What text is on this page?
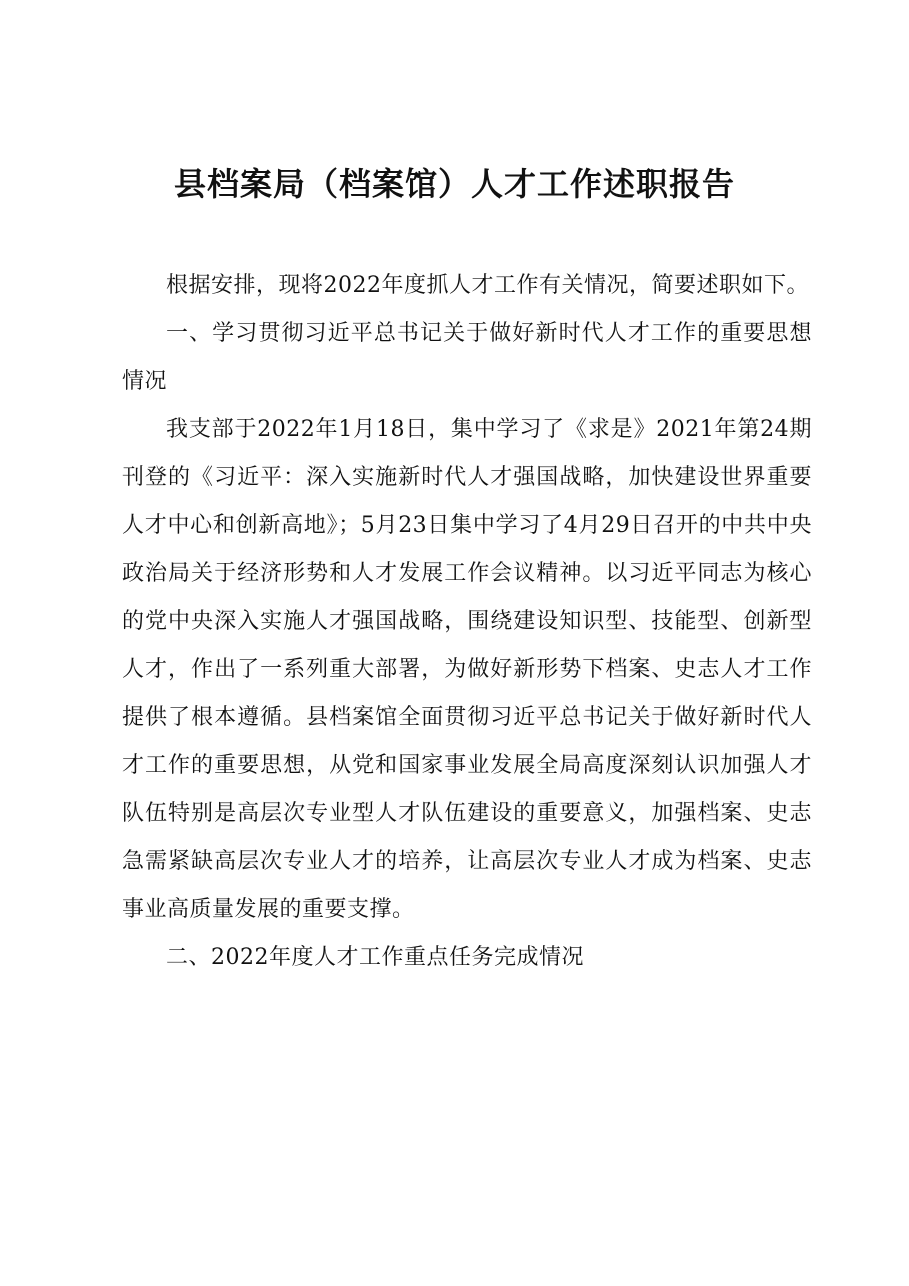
县档案局（档案馆）人才工作述职报告

根据安排，现将2022年度抓人才工作有关情况，简要述职如下。

一、学习贯彻习近平总书记关于做好新时代人才工作的重要思想情况

我支部于2022年1月18日，集中学习了《求是》2021年第24期刊登的《习近平：深入实施新时代人才强国战略，加快建设世界重要人才中心和创新高地》；5月23日集中学习了4月29日召开的中共中央政治局关于经济形势和人才发展工作会议精神。以习近平同志为核心的党中央深入实施人才强国战略，围绕建设知识型、技能型、创新型人才，作出了一系列重大部署，为做好新形势下档案、史志人才工作提供了根本遵循。县档案馆全面贯彻习近平总书记关于做好新时代人才工作的重要思想，从党和国家事业发展全局高度深刻认识加强人才队伍特别是高层次专业型人才队伍建设的重要意义，加强档案、史志急需紧缺高层次专业人才的培养，让高层次专业人才成为档案、史志事业高质量发展的重要支撑。

二、2022年度人才工作重点任务完成情况
